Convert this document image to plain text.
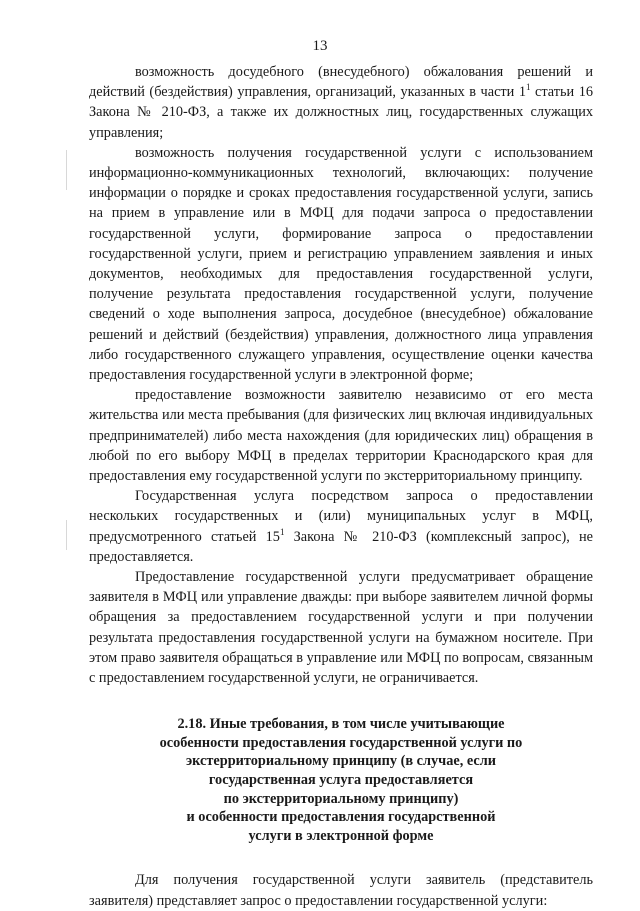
13

возможность досудебного (внесудебного) обжалования решений и действий (бездействия) управления, организаций, указанных в части $1^1$ статьи 16 Закона № 210-ФЗ, а также их должностных лиц, государственных служащих управления;

возможность получения государственной услуги с использованием информационно-коммуникационных технологий, включающих: получение информации о порядке и сроках предоставления государственной услуги, запись на прием в управление или в МФЦ для подачи запроса о предоставлении государственной услуги, формирование запроса о предоставлении государственной услуги, прием и регистрацию управлением заявления и иных документов, необходимых для предоставления государственной услуги, получение результата предоставления государственной услуги, получение сведений о ходе выполнения запроса, досудебное (внесудебное) обжалование решений и действий (бездействия) управления, должностного лица управления либо государственного служащего управления, осуществление оценки качества предоставления государственной услуги в электронной форме;

предоставление возможности заявителю независимо от его места жительства или места пребывания (для физических лиц включая индивидуальных предпринимателей) либо места нахождения (для юридических лиц) обращения в любой по его выбору МФЦ в пределах территории Краснодарского края для предоставления ему государственной услуги по экстерриториальному принципу.

Государственная услуга посредством запроса о предоставлении нескольких государственных и (или) муниципальных услуг в МФЦ, предусмотренного статьей $15^1$ Закона № 210-ФЗ (комплексный запрос), не предоставляется.

Предоставление государственной услуги предусматривает обращение заявителя в МФЦ или управление дважды: при выборе заявителем личной формы обращения за предоставлением государственной услуги и при получении результата предоставления государственной услуги на бумажном носителе. При этом право заявителя обращаться в управление или МФЦ по вопросам, связанным с предоставлением государственной услуги, не ограничивается.

2.18. Иные требования, в том числе учитывающие
особенности предоставления государственной услуги по
экстерриториальному принципу (в случае, если
государственная услуга предоставляется
по экстерриториальному принципу)
и особенности предоставления государственной
услуги в электронной форме

Для получения государственной услуги заявитель (представитель заявителя) представляет запрос о предоставлении государственной услуги:
